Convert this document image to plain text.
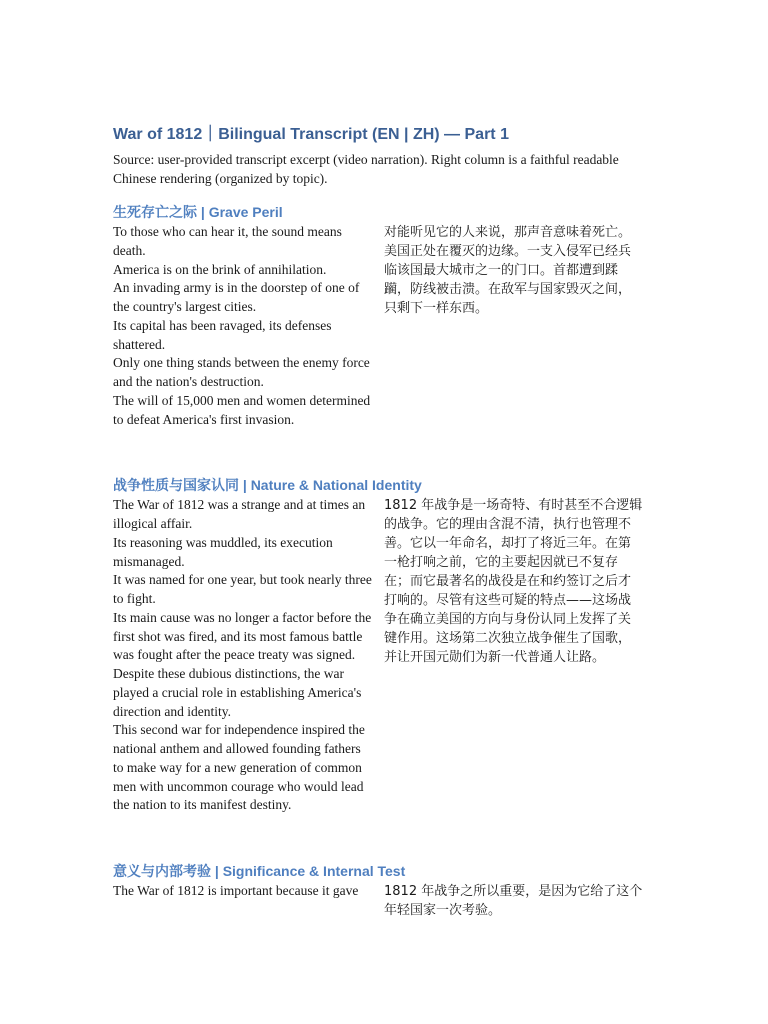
War of 1812｜Bilingual Transcript (EN | ZH) — Part 1
Source: user-provided transcript excerpt (video narration). Right column is a faithful readable Chinese rendering (organized by topic).
生死存亡之际 | Grave Peril

To those who can hear it, the sound means death.

America is on the brink of annihilation.

An invading army is in the doorstep of one of the country's largest cities.

Its capital has been ravaged, its defenses shattered.

Only one thing stands between the enemy force and the nation's destruction.

The will of 15,000 men and women determined to defeat America's first invasion.

对能听见它的人来说，那声音意味着死亡。美国正处在覆灭的边缘。一支入侵军已经兵临该国最大城市之一的门口。首都遭到蹂躏，防线被击溃。在敌军与国家毁灭之间，只剩下一样东西。
战争性质与国家认同 | Nature & National Identity

The War of 1812 was a strange and at times an illogical affair.

Its reasoning was muddled, its execution mismanaged.

It was named for one year, but took nearly three to fight.

Its main cause was no longer a factor before the first shot was fired, and its most famous battle was fought after the peace treaty was signed.

Despite these dubious distinctions, the war played a crucial role in establishing America's direction and identity.

This second war for independence inspired the national anthem and allowed founding fathers to make way for a new generation of common men with uncommon courage who would lead the nation to its manifest destiny.

1812 年战争是一场奇特、有时甚至不合逻辑的战争。它的理由含混不清，执行也管理不善。它以一年命名，却打了将近三年。在第一枪打响之前，它的主要起因就已不复存在；而它最著名的战役是在和约签订之后才打响的。尽管有这些可疑的特点——这场战争在确立美国的方向与身份认同上发挥了关键作用。这场第二次独立战争催生了国歌，并让开国元勋们为新一代普通人让路。
意义与内部考验 | Significance & Internal Test

The War of 1812 is important because it gave	1812 年战争之所以重要，是因为它给了这个年轻国家一次考验。
